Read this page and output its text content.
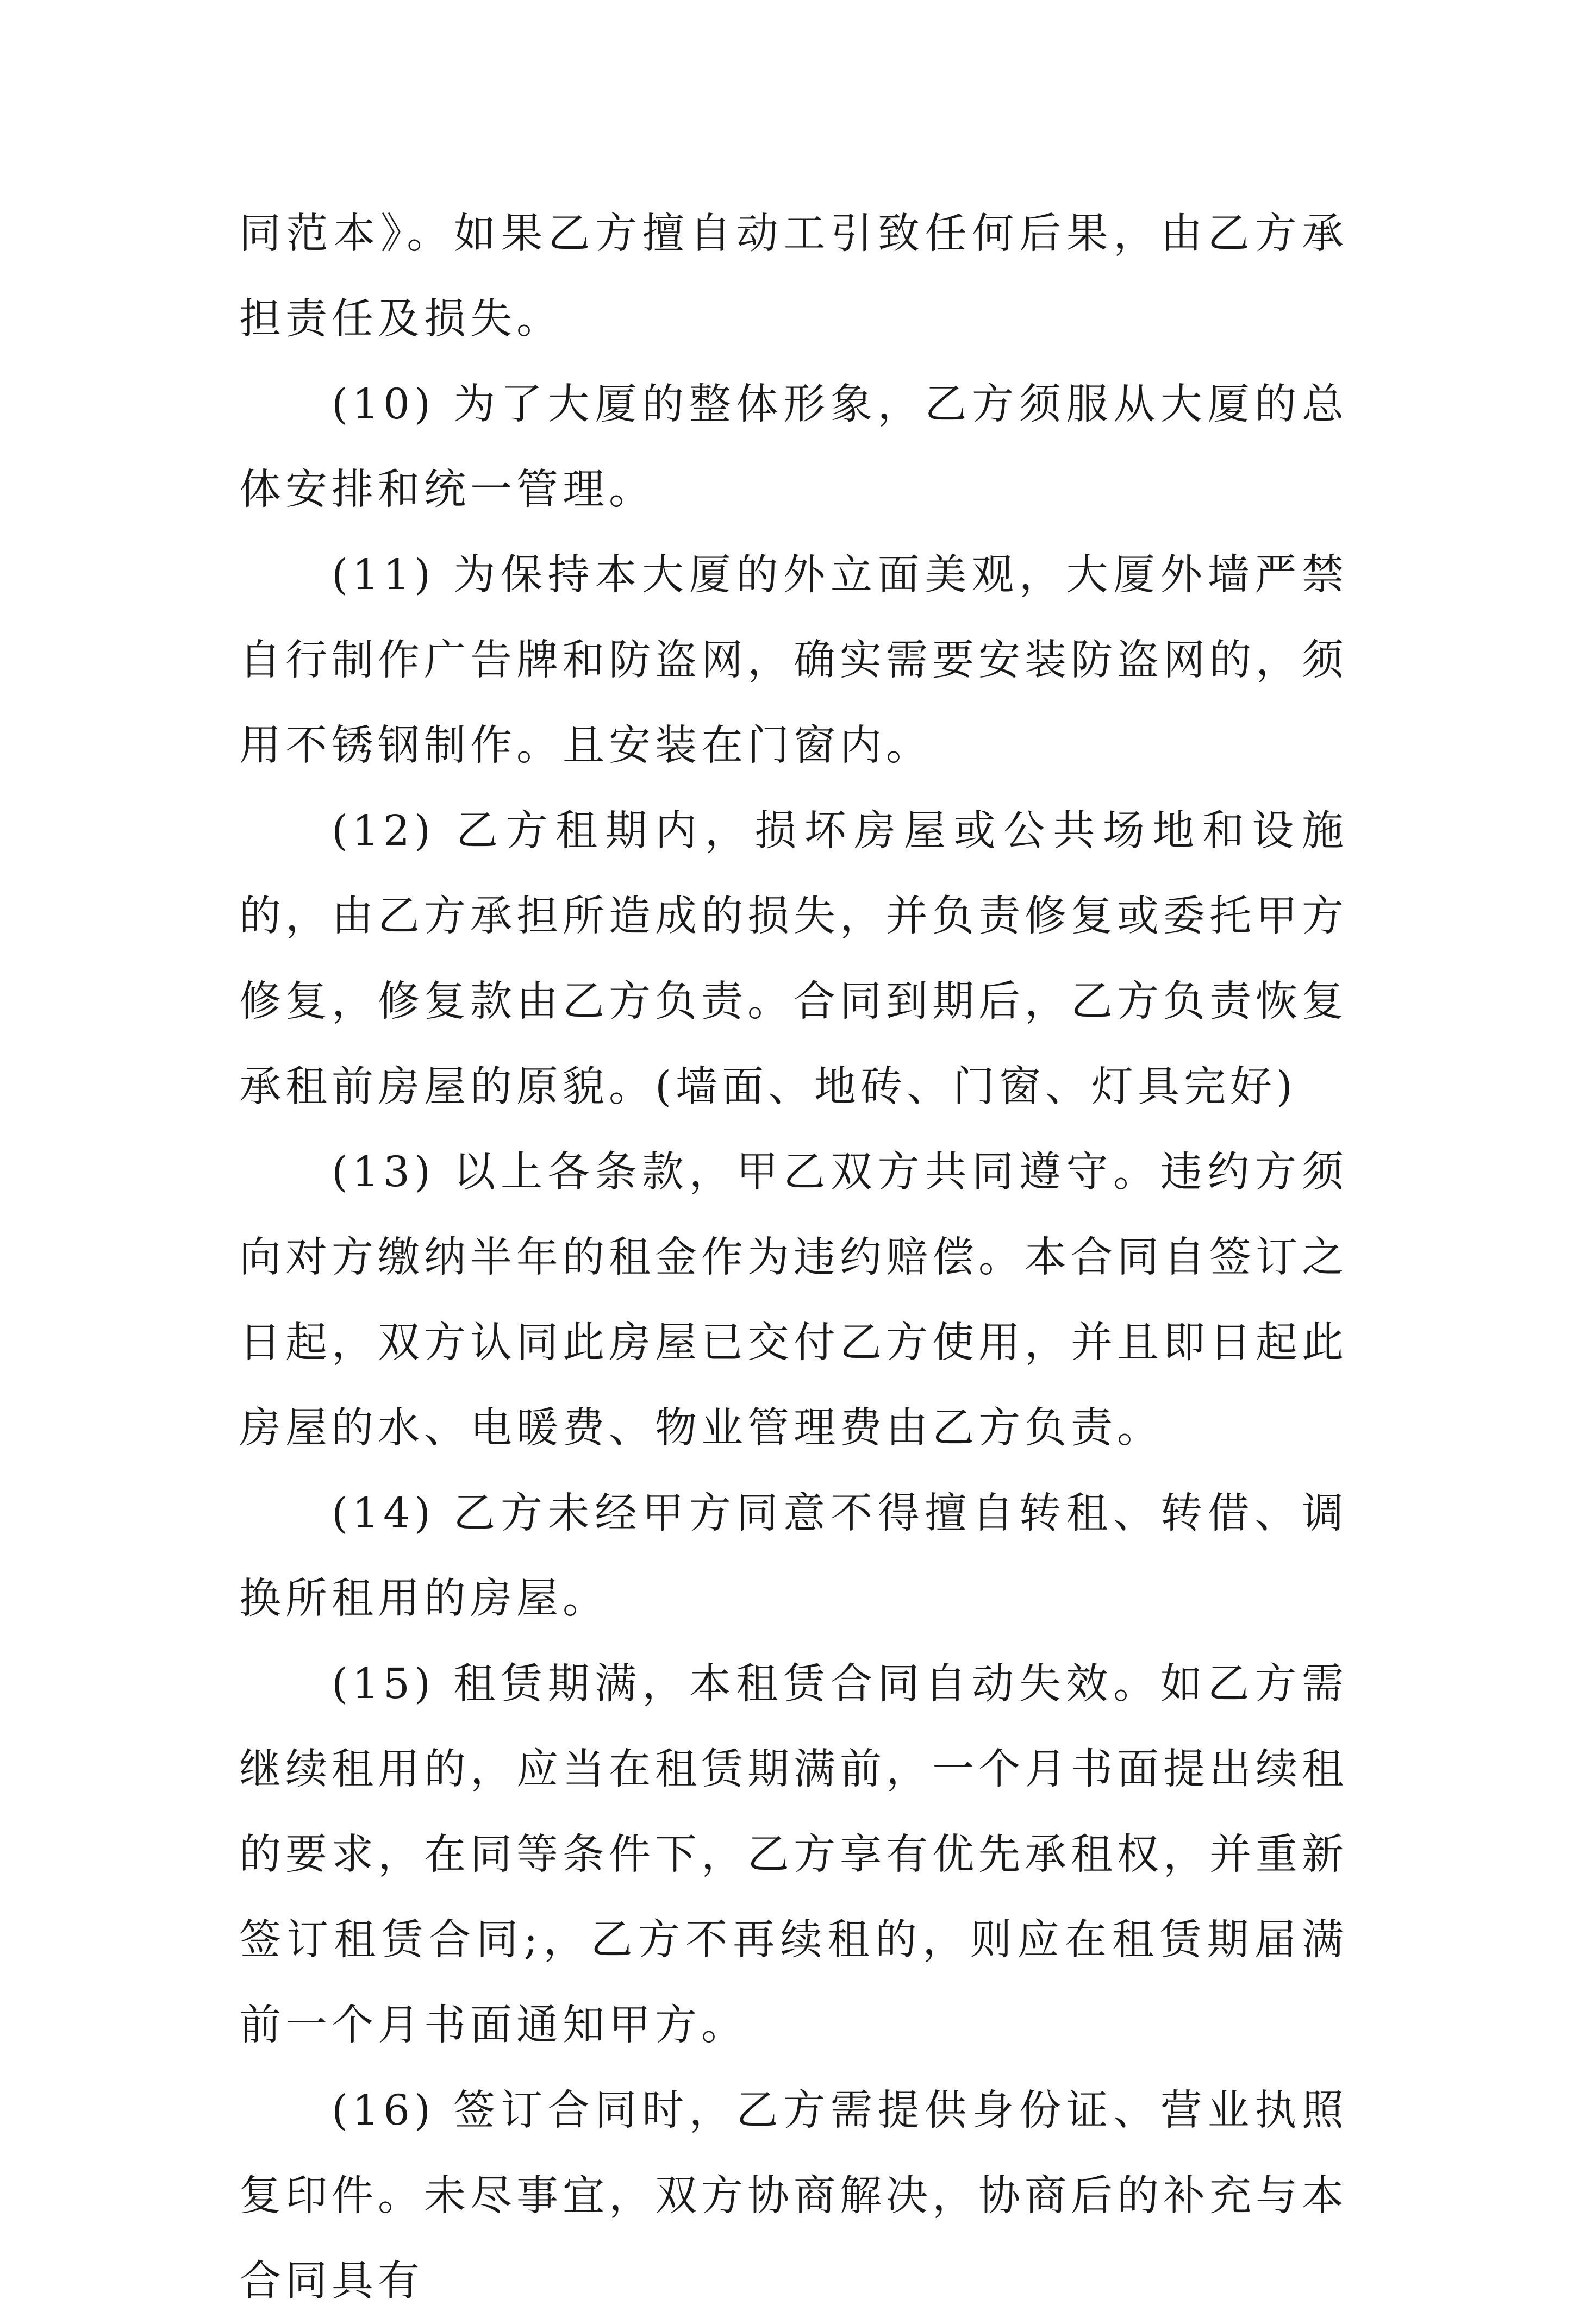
同范本》。如果乙方擅自动工引致任何后果，由乙方承担责任及损失。

(10) 为了大厦的整体形象，乙方须服从大厦的总体安排和统一管理。

(11) 为保持本大厦的外立面美观，大厦外墙严禁自行制作广告牌和防盗网，确实需要安装防盗网的，须用不锈钢制作。且安装在门窗内。

(12) 乙方租期内，损坏房屋或公共场地和设施的，由乙方承担所造成的损失，并负责修复或委托甲方修复，修复款由乙方负责。合同到期后，乙方负责恢复承租前房屋的原貌。(墙面、地砖、门窗、灯具完好)

(13) 以上各条款，甲乙双方共同遵守。违约方须向对方缴纳半年的租金作为违约赔偿。本合同自签订之日起，双方认同此房屋已交付乙方使用，并且即日起此房屋的水、电暖费、物业管理费由乙方负责。

(14) 乙方未经甲方同意不得擅自转租、转借、调换所租用的房屋。

(15) 租赁期满，本租赁合同自动失效。如乙方需继续租用的，应当在租赁期满前，一个月书面提出续租的要求，在同等条件下，乙方享有优先承租权，并重新签订租赁合同;，乙方不再续租的，则应在租赁期届满前一个月书面通知甲方。

(16) 签订合同时，乙方需提供身份证、营业执照复印件。未尽事宜，双方协商解决，协商后的补充与本合同具有
